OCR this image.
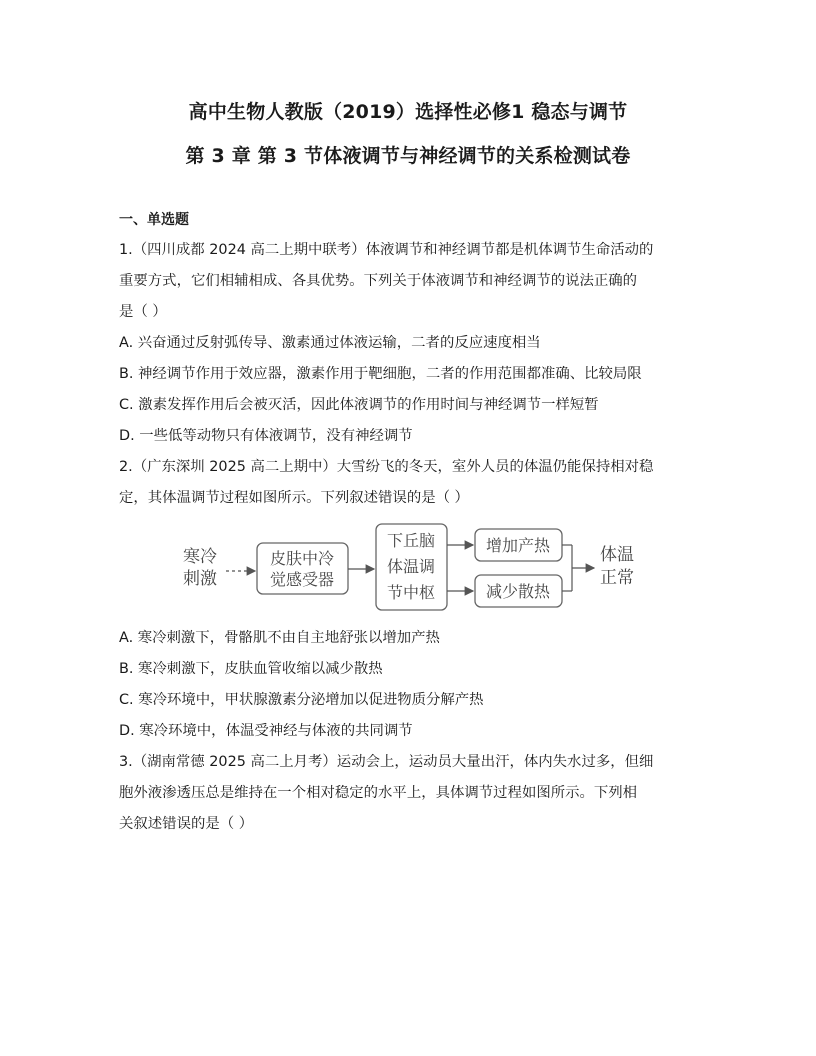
高中生物人教版（2019）选择性必修1 稳态与调节
第 3 章 第 3 节体液调节与神经调节的关系检测试卷
一、单选题
1.（四川成都 2024 高二上期中联考）体液调节和神经调节都是机体调节生命活动的
重要方式，它们相辅相成、各具优势。下列关于体液调节和神经调节的说法正确的
是（ ）
A. 兴奋通过反射弧传导、激素通过体液运输，二者的反应速度相当
B. 神经调节作用于效应器，激素作用于靶细胞，二者的作用范围都准确、比较局限
C. 激素发挥作用后会被灭活，因此体液调节的作用时间与神经调节一样短暂
D. 一些低等动物只有体液调节，没有神经调节
2.（广东深圳 2025 高二上期中）大雪纷飞的冬天，室外人员的体温仍能保持相对稳
定，其体温调节过程如图所示。下列叙述错误的是（ ）
寒冷
刺激
皮肤中冷
觉感受器
下丘脑
体温调
节中枢
增加产热
减少散热
体温
正常
A. 寒冷刺激下，骨骼肌不由自主地舒张以增加产热
B. 寒冷刺激下，皮肤血管收缩以减少散热
C. 寒冷环境中，甲状腺激素分泌增加以促进物质分解产热
D. 寒冷环境中，体温受神经与体液的共同调节
3.（湖南常德 2025 高二上月考）运动会上，运动员大量出汗，体内失水过多，但细
胞外液渗透压总是维持在一个相对稳定的水平上，具体调节过程如图所示。下列相
关叙述错误的是（ ）
